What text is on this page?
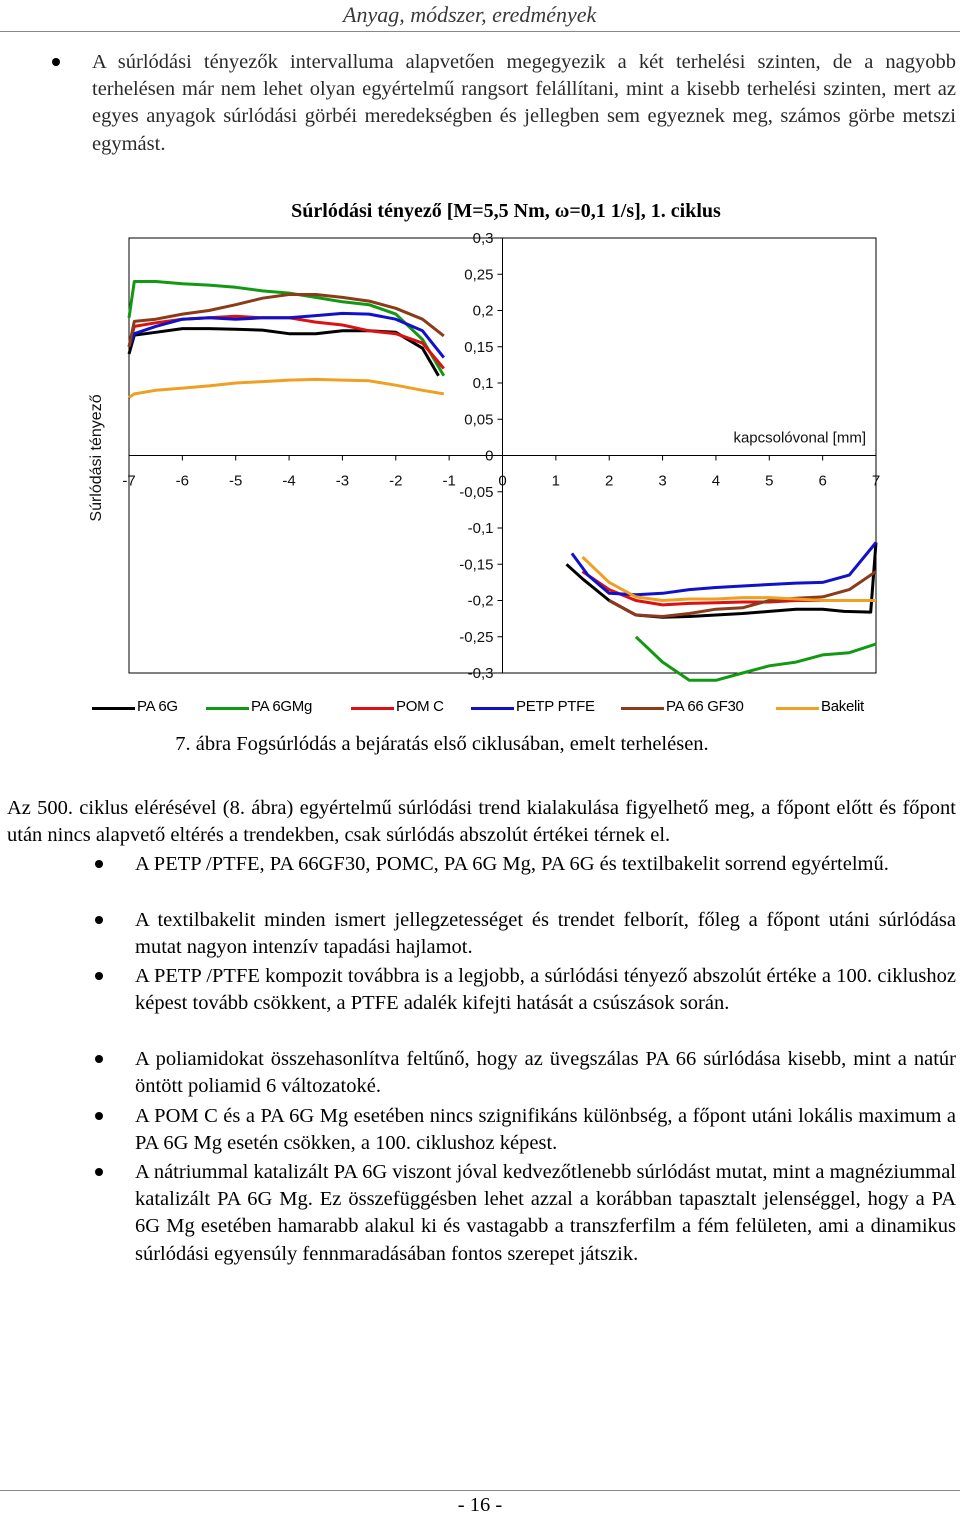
Anyag, módszer, eredmények
A súrlódási tényezők intervalluma alapvetően megegyezik a két terhelési szinten, de a nagyobb terhelésen már nem lehet olyan egyértelmű rangsort felállítani, mint a kisebb terhelési szinten, mert az egyes anyagok súrlódási görbéi meredekségben és jellegben sem egyeznek meg, számos görbe metszi egymást.
Súrlódási tényező [M=5,5 Nm, ω=0,1 1/s], 1. ciklus
Súrlódási tényező
0,3
0,25
0,2
0,15
0,1
0,05
0
-0,05
-0,1
-0,15
-0,2
-0,25
-0,3
-7	-6	-5	-4	-3	-2	-1	0	1	2	3	4	5	6	7
kapcsolóvonal [mm]
PA 6G	PA 6GMg	POM C	PETP PTFE	PA 66 GF30	Bakelit
7. ábra Fogsúrlódás a bejáratás első ciklusában, emelt terhelésen.
Az 500. ciklus elérésével (8. ábra) egyértelmű súrlódási trend kialakulása figyelhető meg, a főpont előtt és főpont után nincs alapvető eltérés a trendekben, csak súrlódás abszolút értékei térnek el.
A PETP /PTFE, PA 66GF30, POMC, PA 6G Mg, PA 6G és textilbakelit sorrend egyértelmű.
A textilbakelit minden ismert jellegzetességet és trendet felborít, főleg a főpont utáni súrlódása mutat nagyon intenzív tapadási hajlamot.
A PETP /PTFE kompozit továbbra is a legjobb, a súrlódási tényező abszolút értéke a 100. ciklushoz képest tovább csökkent, a PTFE adalék kifejti hatását a csúszások során.
A poliamidokat összehasonlítva feltűnő, hogy az üvegszálas PA 66 súrlódása kisebb, mint a natúr öntött poliamid 6 változatoké.
A POM C és a PA 6G Mg esetében nincs szignifikáns különbség, a főpont utáni lokális maximum a PA 6G Mg esetén csökken, a 100. ciklushoz képest.
A nátriummal katalizált PA 6G viszont jóval kedvezőtlenebb súrlódást mutat, mint a magnéziummal katalizált PA 6G Mg. Ez összefüggésben lehet azzal a korábban tapasztalt jelenséggel, hogy a PA 6G Mg esetében hamarabb alakul ki és vastagabb a transzferfilm a fém felületen, ami a dinamikus súrlódási egyensúly fennmaradásában fontos szerepet játszik.
- 16 -
